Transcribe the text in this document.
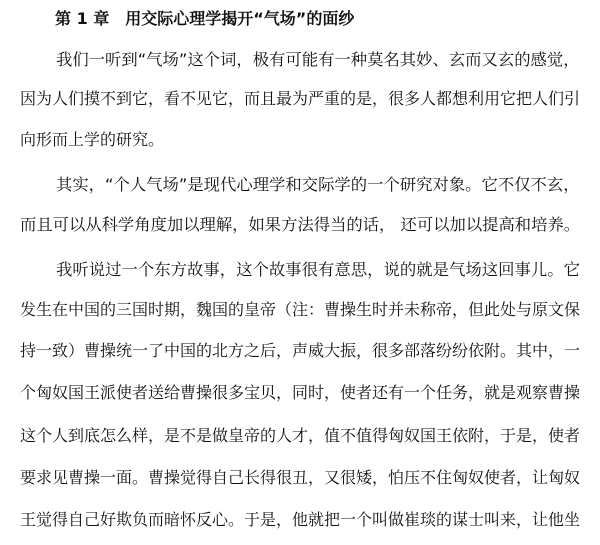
第 1 章 用交际心理学揭开“气场”的面纱

我们一听到“气场”这个词，极有可能有一种莫名其妙、玄而又玄的感觉，

因为人们摸不到它，看不见它，而且最为严重的是，很多人都想利用它把人们引

向形而上学的研究。

其实，“个人气场”是现代心理学和交际学的一个研究对象。它不仅不玄，

而且可以从科学角度加以理解，如果方法得当的话， 还可以加以提高和培养。

我听说过一个东方故事，这个故事很有意思，说的就是气场这回事儿。它

发生在中国的三国时期，魏国的皇帝（注：曹操生时并未称帝，但此处与原文保

持一致）曹操统一了中国的北方之后，声威大振，很多部落纷纷依附。其中，一

个匈奴国王派使者送给曹操很多宝贝，同时，使者还有一个任务，就是观察曹操

这个人到底怎么样，是不是做皇帝的人才，值不值得匈奴国王依附，于是，使者

要求见曹操一面。曹操觉得自己长得很丑，又很矮，怕压不住匈奴使者，让匈奴

王觉得自己好欺负而暗怀反心。于是，他就把一个叫做崔琰的谋士叫来，让他坐
